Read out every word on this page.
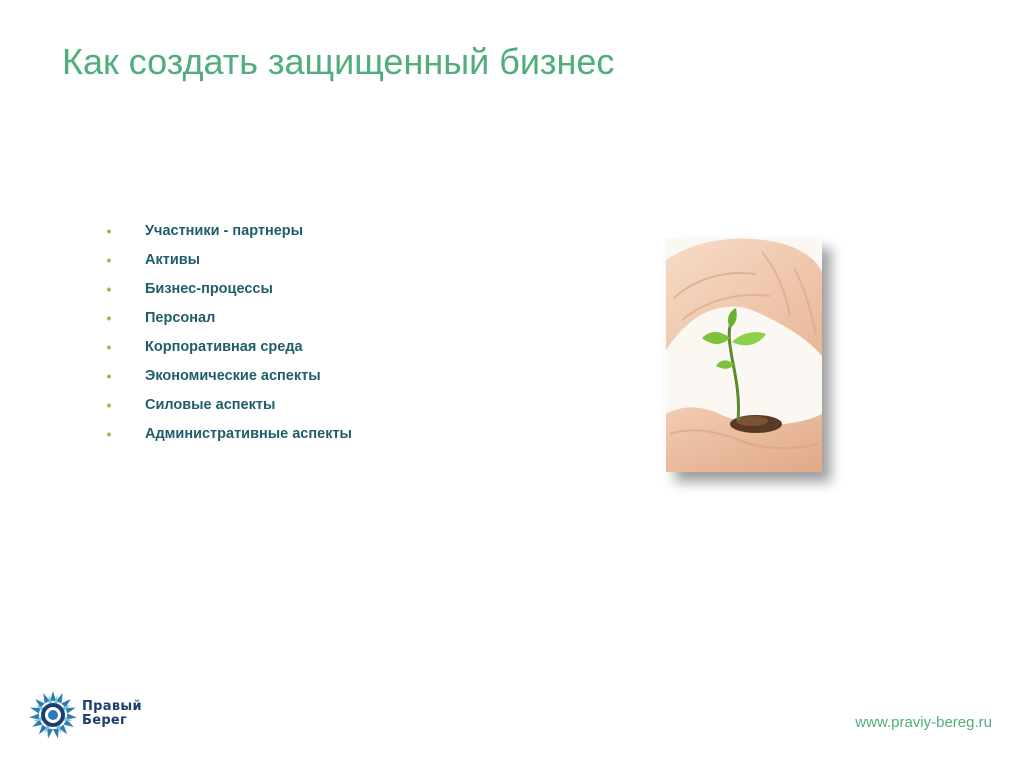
Как создать защищенный бизнес
• Участники - партнеры
• Активы
• Бизнес-процессы
• Персонал
• Корпоративная среда
• Экономические аспекты
• Силовые аспекты
• Административные аспекты
Правый
Берег	www.praviy-bereg.ru
